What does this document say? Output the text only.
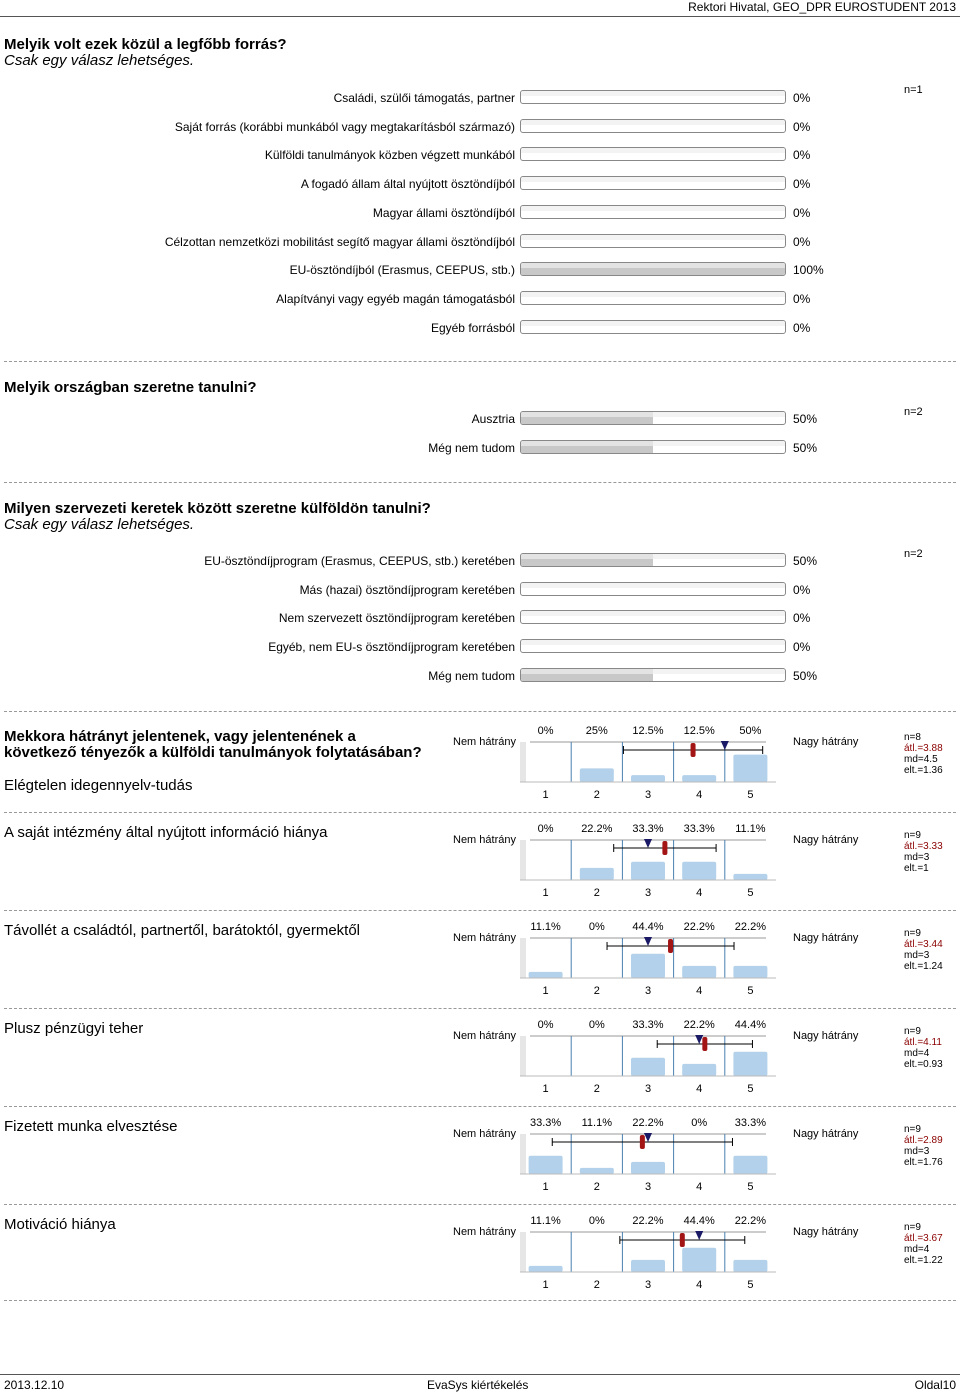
Rektori Hivatal, GEO_DPR EUROSTUDENT 2013
Melyik volt ezek közül a legfőbb forrás?
Csak egy válasz lehetséges.
n=1
Családi, szülői támogatás, partner	0%
Saját forrás (korábbi munkából vagy megtakarításból származó)	0%
Külföldi tanulmányok közben végzett munkából	0%
A fogadó állam által nyújtott ösztöndíjból	0%
Magyar állami ösztöndíjból	0%
Célzottan nemzetközi mobilitást segítő magyar állami ösztöndíjból	0%
EU-ösztöndíjból (Erasmus, CEEPUS, stb.)	100%
Alapítványi vagy egyéb magán támogatásból	0%
Egyéb forrásból	0%
Melyik országban szeretne tanulni?
n=2
Ausztria	50%
Még nem tudom	50%
Milyen szervezeti keretek között szeretne külföldön tanulni?
Csak egy válasz lehetséges.
n=2
EU-ösztöndíjprogram (Erasmus, CEEPUS, stb.) keretében	50%
Más (hazai) ösztöndíjprogram keretében	0%
Nem szervezett ösztöndíjprogram keretében	0%
Egyéb, nem EU-s ösztöndíjprogram keretében	0%
Még nem tudom	50%
Mekkora hátrányt jelentenek, vagy jelentenének a következő tényezők a külföldi tanulmányok folytatásában?
Elégtelen idegennyelv-tudás
Nem hátrány	Nagy hátrány	n=8
átl.=3.88
md=4.5
elt.=1.36
0%	25% 12.5% 12.5% 50%
1	2	3	4	5
A saját intézmény által nyújtott információ hiánya	Nem hátrány	Nagy hátrány	n=9
átl.=3.33
md=3
elt.=1
0%	22.2% 33.3% 33.3% 11.1%
1	2	3	4	5
Távollét a családtól, partnertől, barátoktól, gyermektől	Nem hátrány	Nagy hátrány	n=9
átl.=3.44
md=3
elt.=1.24
11.1%	0%	44.4% 22.2% 22.2%
1	2	3	4	5
Plusz pénzügyi teher	Nem hátrány	Nagy hátrány	n=9
átl.=4.11
md=4
elt.=0.93
0%	0%	33.3% 22.2% 44.4%
1	2	3	4	5
Fizetett munka elvesztése	Nem hátrány	Nagy hátrány	n=9
átl.=2.89
md=3
elt.=1.76
33.3% 11.1% 22.2%	0%	33.3%
1	2	3	4	5
Motiváció hiánya	Nem hátrány	Nagy hátrány	n=9
átl.=3.67
md=4
elt.=1.22
11.1%	0%	22.2% 44.4% 22.2%
1	2	3	4	5
2013.12.10	EvaSys kiértékelés	Oldal10
